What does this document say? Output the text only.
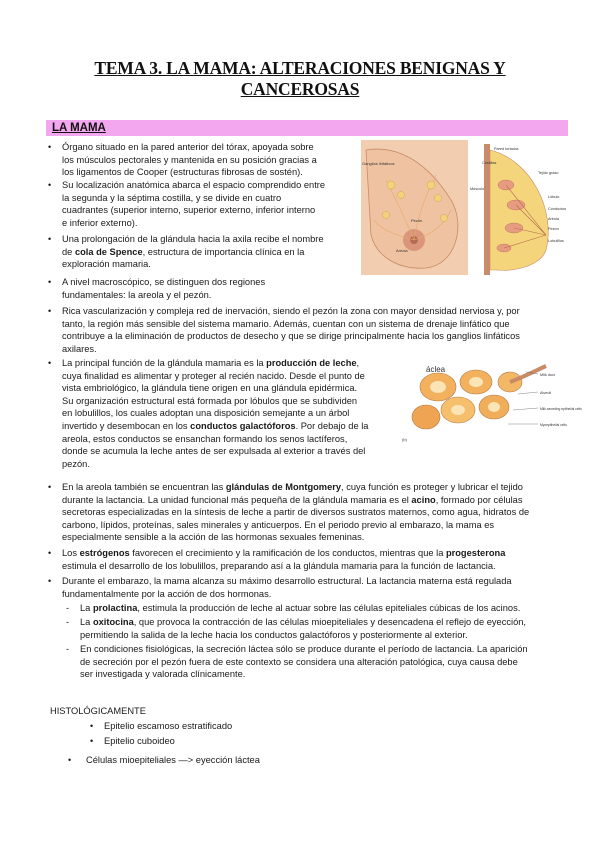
TEMA 3. LA MAMA: ALTERACIONES BENIGNAS Y
CANCEROSAS
LA MAMA
Ganglios linfáticos
Pezón
Aréola
Pared torácica
Costillas
Tejido graso
Músculo
Lóbulo
Conductos
Aréola
Pezón
Lobulillos
áclea
Milk duct
Alveoli
Milk-secreting epithelial cells
Myoepithelial cells
(b)
• Órgano situado en la pared anterior del tórax, apoyada sobre
los músculos pectorales y mantenida en su posición gracias a
los ligamentos de Cooper (estructuras fibrosas de sostén).
• Su localización anatómica abarca el espacio comprendido entre
la segunda y la séptima costilla, y se divide en cuatro
cuadrantes (superior interno, superior externo, inferior interno
e inferior externo).
• Una prolongación de la glándula hacia la axila recibe el nombre
de cola de Spence, estructura de importancia clínica en la
exploración mamaria.
• A nivel macroscópico, se distinguen dos regiones
fundamentales: la areola y el pezón.
• Rica vascularización y compleja red de inervación, siendo el pezón la zona con mayor densidad nerviosa y, por
tanto, la región más sensible del sistema mamario. Además, cuentan con un sistema de drenaje linfático que
contribuye a la eliminación de productos de desecho y que se dirige principalmente hacia los ganglios linfáticos
axilares.
• La principal función de la glándula mamaria es la producción de leche,
cuya finalidad es alimentar y proteger al recién nacido. Desde el punto de
vista embriológico, la glándula tiene origen en una glándula epidérmica.
Su organización estructural está formada por lóbulos que se subdividen
en lobulillos, los cuales adoptan una disposición semejante a un árbol
invertido y desembocan en los conductos galactóforos. Por debajo de la
areola, estos conductos se ensanchan formando los senos lactíferos,
donde se acumula la leche antes de ser expulsada al exterior a través del
pezón.
• En la areola también se encuentran las glándulas de Montgomery, cuya función es proteger y lubricar el tejido
durante la lactancia. La unidad funcional más pequeña de la glándula mamaria es el acino, formado por células
secretoras especializadas en la síntesis de leche a partir de diversos sustratos maternos, como agua, hidratos de
carbono, lípidos, proteínas, sales minerales y anticuerpos. En el periodo previo al embarazo, la mama es
especialmente sensible a la acción de las hormonas sexuales femeninas.
• Los estrógenos favorecen el crecimiento y la ramificación de los conductos, mientras que la progesterona
estimula el desarrollo de los lobulillos, preparando así a la glándula mamaria para la función de lactancia.
• Durante el embarazo, la mama alcanza su máximo desarrollo estructural. La lactancia materna está regulada
fundamentalmente por la acción de dos hormonas.
- La prolactina, estimula la producción de leche al actuar sobre las células epiteliales cúbicas de los acinos.
- La oxitocina, que provoca la contracción de las células mioepiteliales y desencadena el reflejo de eyección,
permitiendo la salida de la leche hacia los conductos galactóforos y posteriormente al exterior.
- En condiciones fisiológicas, la secreción láctea sólo se produce durante el período de lactancia. La aparición
de secreción por el pezón fuera de este contexto se considera una alteración patológica, cuya causa debe
ser investigada y valorada clínicamente.
HISTOLÓGICAMENTE
• Epitelio escamoso estratificado
• Epitelio cuboideo
• Células mioepiteliales —> eyección láctea
